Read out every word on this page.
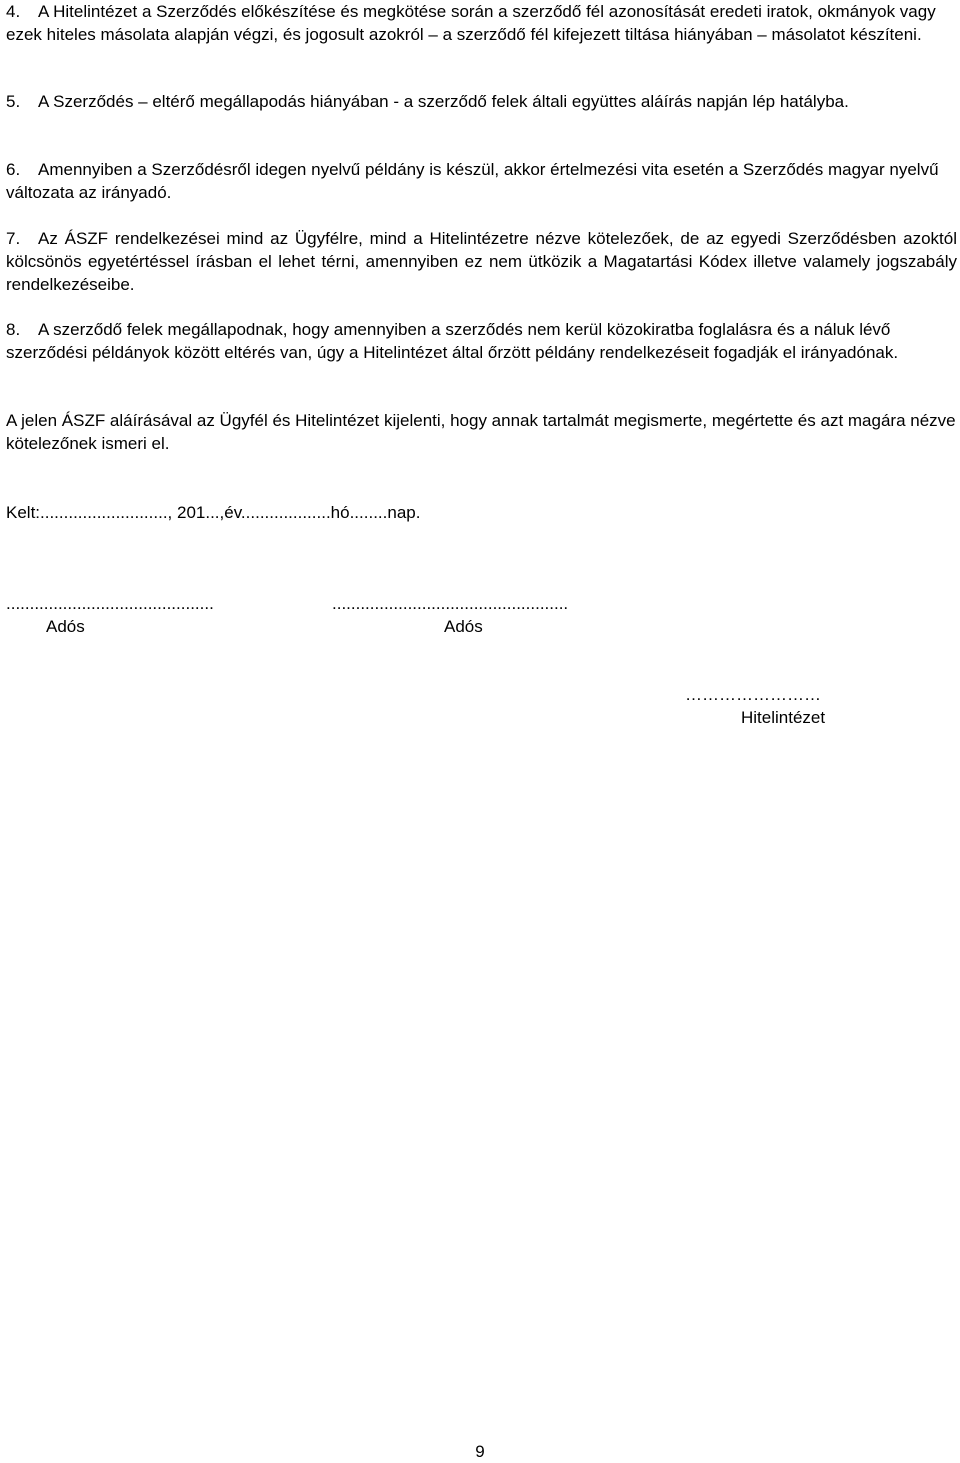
4. A Hitelintézet a Szerződés előkészítése és megkötése során a szerződő fél azonosítását eredeti iratok, okmányok vagy ezek hiteles másolata alapján végzi, és jogosult azokról – a szerződő fél kifejezett tiltása hiányában – másolatot készíteni.

5. A Szerződés – eltérő megállapodás hiányában - a szerződő felek általi együttes aláírás napján lép hatályba.

6. Amennyiben a Szerződésről idegen nyelvű példány is készül, akkor értelmezési vita esetén a Szerződés magyar nyelvű változata az irányadó.

7. Az ÁSZF rendelkezései mind az Ügyfélre, mind a Hitelintézetre nézve kötelezőek, de az egyedi Szerződésben azoktól kölcsönös egyetértéssel írásban el lehet térni, amennyiben ez nem ütközik a Magatartási Kódex illetve valamely jogszabály rendelkezéseibe.

8. A szerződő felek megállapodnak, hogy amennyiben a szerződés nem kerül közokiratba foglalásra és a náluk lévő szerződési példányok között eltérés van, úgy a Hitelintézet által őrzött példány rendelkezéseit fogadják el irányadónak.

A jelen ÁSZF aláírásával az Ügyfél és Hitelintézet kijelenti, hogy annak tartalmát megismerte, megértette és azt magára nézve kötelezőnek ismeri el.

Kelt:..........................., 201...,év...................hó........nap.

............................................

Adós

..................................................

Adós

……………………

Hitelintézet

9
